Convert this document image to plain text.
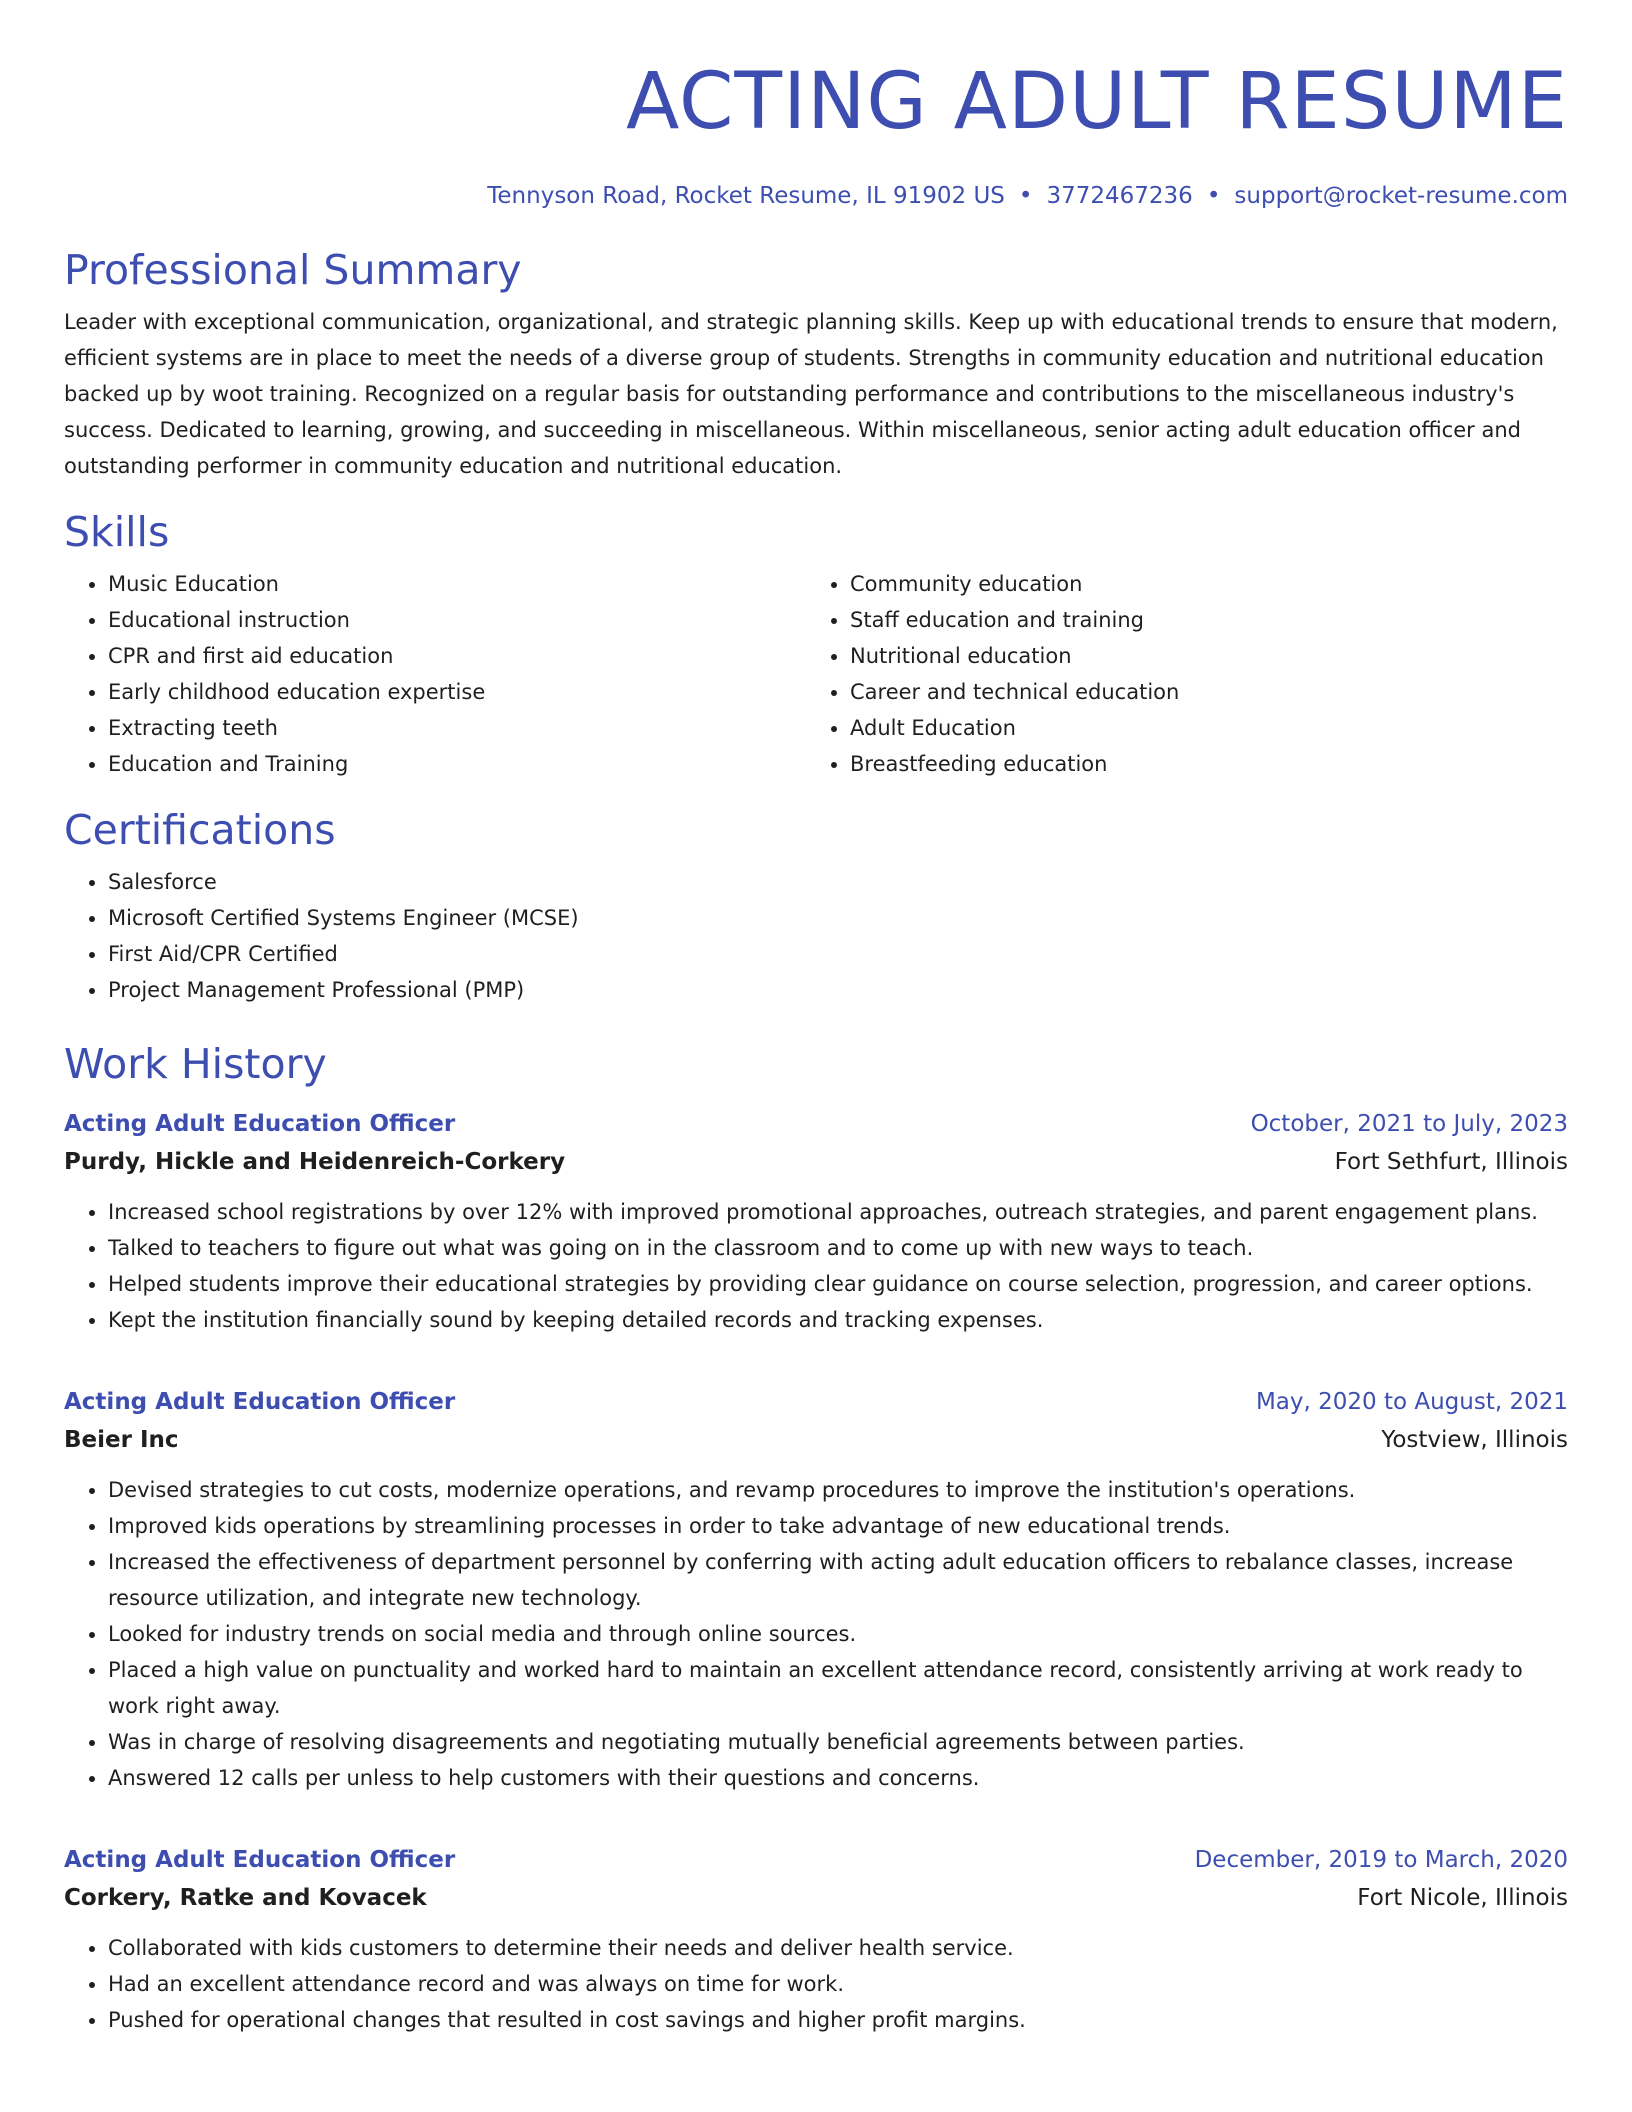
ACTING ADULT RESUME
Tennyson Road, Rocket Resume, IL 91902 US • 3772467236 • support@rocket-resume.com
Professional Summary

Leader with exceptional communication, organizational, and strategic planning skills. Keep up with educational trends to ensure that modern, efficient systems are in place to meet the needs of a diverse group of students. Strengths in community education and nutritional education backed up by woot training. Recognized on a regular basis for outstanding performance and contributions to the miscellaneous industry's success. Dedicated to learning, growing, and succeeding in miscellaneous. Within miscellaneous, senior acting adult education officer and outstanding performer in community education and nutritional education.

Skills
• Music Education
• Educational instruction
• CPR and first aid education
• Early childhood education expertise
• Extracting teeth
• Education and Training
• Community education
• Staff education and training
• Nutritional education
• Career and technical education
• Adult Education
• Breastfeeding education
Certifications
• Salesforce
• Microsoft Certified Systems Engineer (MCSE)
• First Aid/CPR Certified
• Project Management Professional (PMP)
Work History
Acting Adult Education Officer	October, 2021 to July, 2023
Purdy, Hickle and Heidenreich-Corkery	Fort Sethfurt, Illinois
• Increased school registrations by over 12% with improved promotional approaches, outreach strategies, and parent engagement plans.
• Talked to teachers to figure out what was going on in the classroom and to come up with new ways to teach.
• Helped students improve their educational strategies by providing clear guidance on course selection, progression, and career options.
• Kept the institution financially sound by keeping detailed records and tracking expenses.
Acting Adult Education Officer	May, 2020 to August, 2021
Beier Inc	Yostview, Illinois
• Devised strategies to cut costs, modernize operations, and revamp procedures to improve the institution's operations.
• Improved kids operations by streamlining processes in order to take advantage of new educational trends.
• Increased the effectiveness of department personnel by conferring with acting adult education officers to rebalance classes, increase resource utilization, and integrate new technology.
• Looked for industry trends on social media and through online sources.
• Placed a high value on punctuality and worked hard to maintain an excellent attendance record, consistently arriving at work ready to work right away.
• Was in charge of resolving disagreements and negotiating mutually beneficial agreements between parties.
• Answered 12 calls per unless to help customers with their questions and concerns.
Acting Adult Education Officer	December, 2019 to March, 2020
Corkery, Ratke and Kovacek	Fort Nicole, Illinois
• Collaborated with kids customers to determine their needs and deliver health service.
• Had an excellent attendance record and was always on time for work.
• Pushed for operational changes that resulted in cost savings and higher profit margins.
